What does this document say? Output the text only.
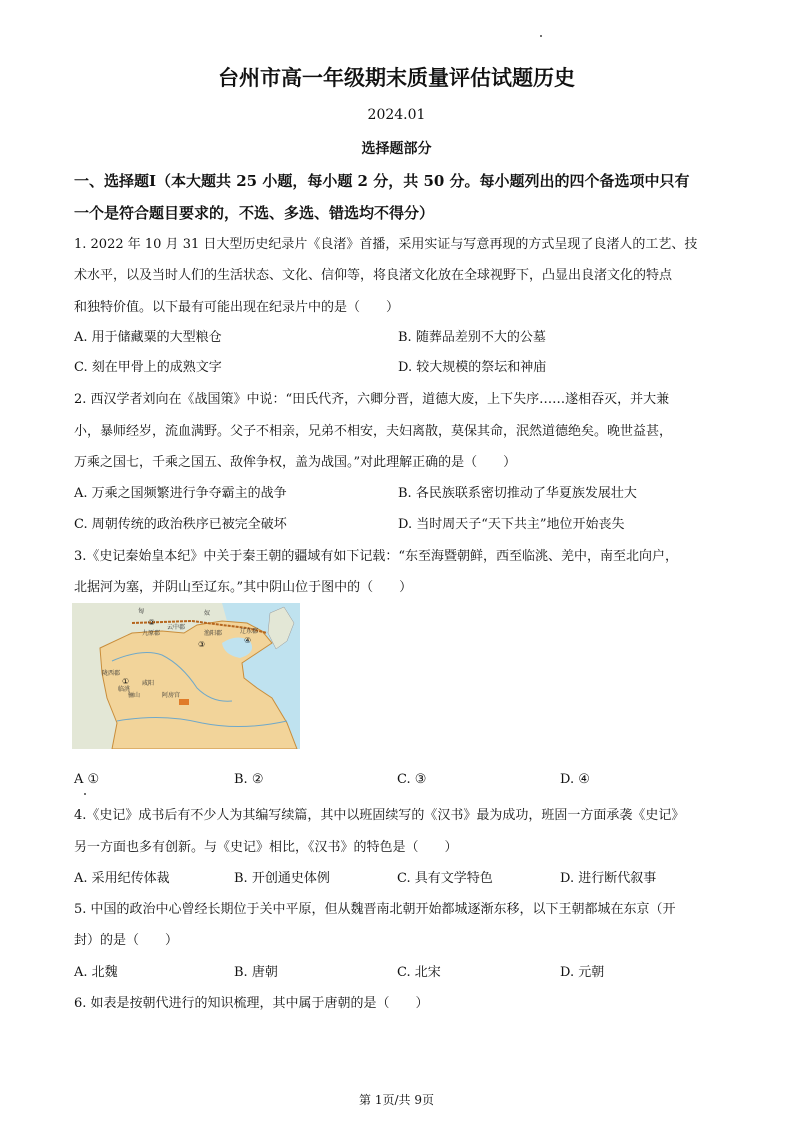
台州市高一年级期末质量评估试题历史
2024.01
选择题部分
一、选择题Ⅰ（本大题共 25 小题，每小题 2 分，共 50 分。每小题列出的四个备选项中只有
一个是符合题目要求的，不选、多选、错选均不得分）
1. 2022 年 10 月 31 日大型历史纪录片《良渚》首播，采用实证与写意再现的方式呈现了良渚人的工艺、技
术水平，以及当时人们的生活状态、文化、信仰等，将良渚文化放在全球视野下，凸显出良渚文化的特点
和独特价值。以下最有可能出现在纪录片中的是（　　）
A. 用于储藏粟的大型粮仓	B. 随葬品差别不大的公墓
C. 刻在甲骨上的成熟文字	D. 较大规模的祭坛和神庙
2. 西汉学者刘向在《战国策》中说：“田氏代齐，六卿分晋，道德大废，上下失序……遂相吞灭，并大兼
小，暴师经岁，流血满野。父子不相亲，兄弟不相安，夫妇离散，莫保其命，泯然道德绝矣。晚世益甚，
万乘之国七，千乘之国五、敌侔争权，盖为战国。”对此理解正确的是（　　）
A. 万乘之国频繁进行争夺霸主的战争	B. 各民族联系密切推动了华夏族发展壮大
C. 周朝传统的政治秩序已被完全破坏	D. 当时周天子“天下共主”地位开始丧失
3.《史记秦始皇本纪》中关于秦王朝的疆域有如下记载：“东至海暨朝鲜，西至临洮、羌中，南至北向户，
北据河为塞，并阴山至辽东。”其中阴山位于图中的（　　）
匈	奴
九原郡
云中郡
渔阳郡	辽东郡
陇西郡
临洮
咸阳
骊山	阿房宫
①
②
③	④
A ①	B. ②	C. ③	D. ④
4.《史记》成书后有不少人为其编写续篇，其中以班固续写的《汉书》最为成功，班固一方面承袭《史记》
另一方面也多有创新。与《史记》相比，《汉书》的特色是（　　）
A. 采用纪传体裁	B. 开创通史体例	C. 具有文学特色	D. 进行断代叙事
5. 中国的政治中心曾经长期位于关中平原，但从魏晋南北朝开始都城逐渐东移，以下王朝都城在东京（开
封）的是（　　）
A. 北魏	B. 唐朝	C. 北宋	D. 元朝
6. 如表是按朝代进行的知识梳理，其中属于唐朝的是（　　）
第 1页/共 9页
